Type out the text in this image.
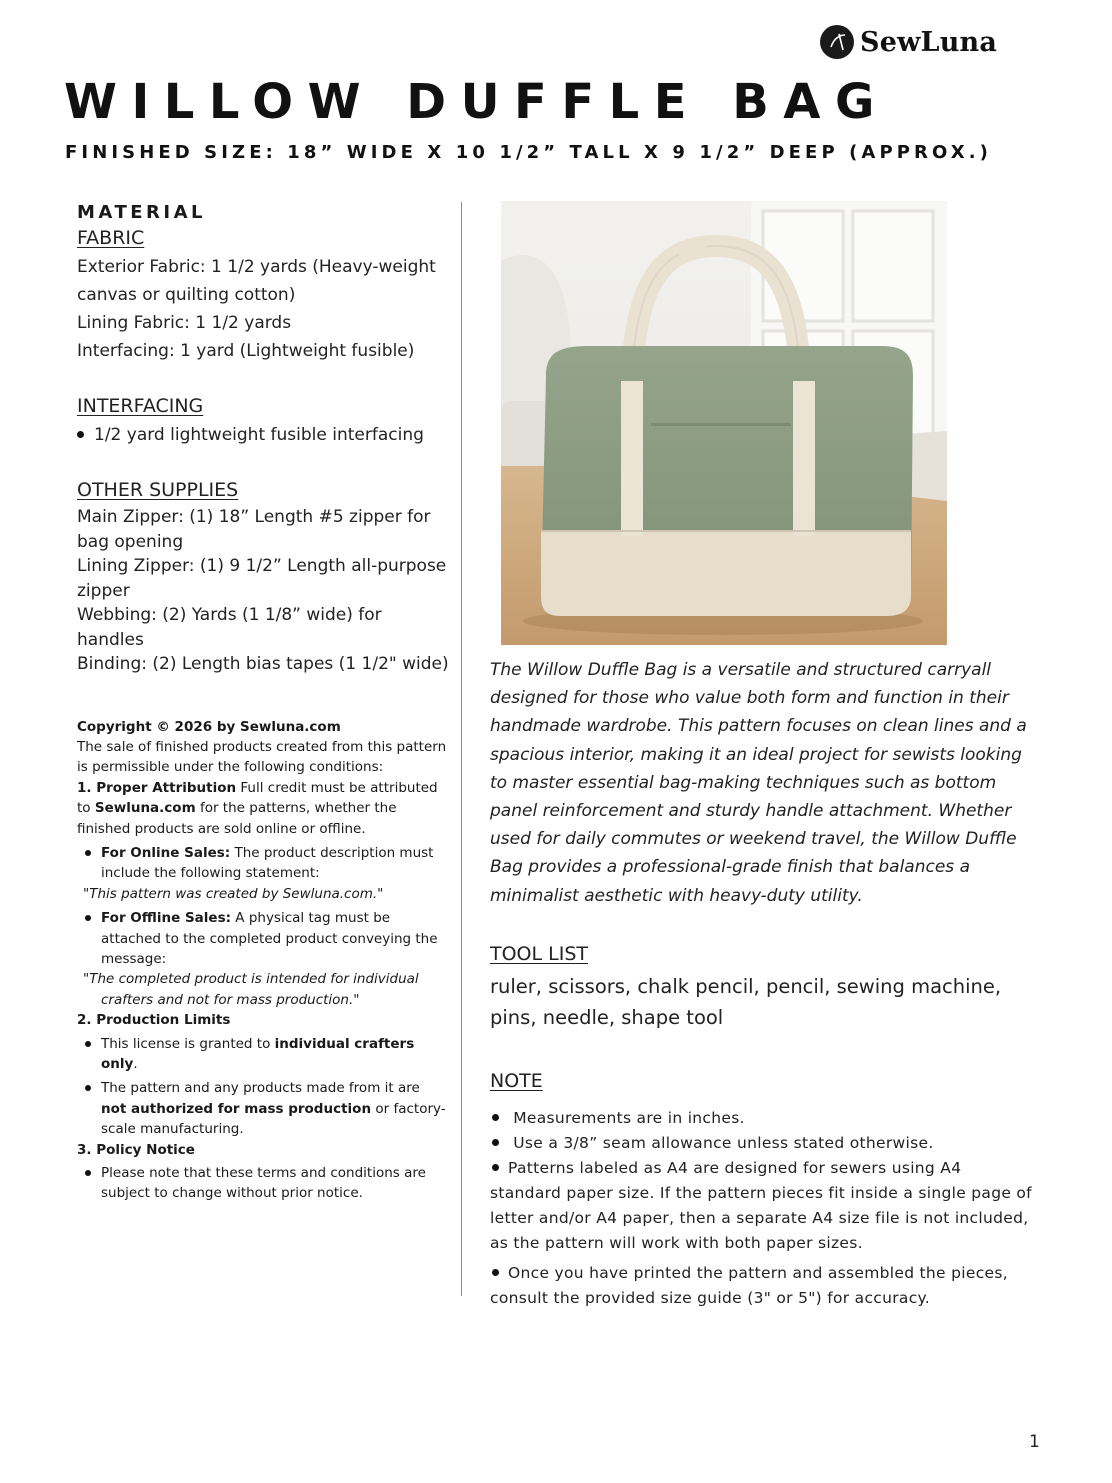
SewLuna
WILLOW DUFFLE BAG
FINISHED SIZE: 18” WIDE X 10 1/2” TALL X 9 1/2” DEEP (APPROX.)

MATERIAL

FABRIC

Exterior Fabric: 1 1/2 yards (Heavy-weight canvas or quilting cotton)

Lining Fabric: 1 1/2 yards

Interfacing: 1 yard (Lightweight fusible)

INTERFACING

1/2 yard lightweight fusible interfacing

OTHER SUPPLIES

Main Zipper: (1) 18” Length #5 zipper for bag opening

Lining Zipper: (1) 9 1/2” Length all-purpose zipper

Webbing: (2) Yards (1 1/8” wide) for handles

Binding: (2) Length bias tapes (1 1/2" wide)

Copyright © 2026 by Sewluna.com

The sale of finished products created from this pattern is permissible under the following conditions:

1. Proper Attribution Full credit must be attributed to Sewluna.com for the patterns, whether the finished products are sold online or offline.

For Online Sales: The product description must include the following statement:

"This pattern was created by Sewluna.com."

For Offline Sales: A physical tag must be attached to the completed product conveying the message:

"The completed product is intended for individual crafters and not for mass production."

2. Production Limits

This license is granted to individual crafters only.
The pattern and any products made from it are not authorized for mass production or factory-scale manufacturing.

3. Policy Notice

Please note that these terms and conditions are subject to change without prior notice.

The Willow Duffle Bag is a versatile and structured carryall designed for those who value both form and function in their handmade wardrobe. This pattern focuses on clean lines and a spacious interior, making it an ideal project for sewists looking to master essential bag-making techniques such as bottom panel reinforcement and sturdy handle attachment. Whether used for daily commutes or weekend travel, the Willow Duffle Bag provides a professional-grade finish that balances a minimalist aesthetic with heavy-duty utility.

TOOL LIST

ruler, scissors, chalk pencil, pencil, sewing machine, pins, needle, shape tool

NOTE

Measurements are in inches.

Use a 3/8” seam allowance unless stated otherwise.

Patterns labeled as A4 are designed for sewers using A4 standard paper size. If the pattern pieces fit inside a single page of letter and/or A4 paper, then a separate A4 size file is not included, as the pattern will work with both paper sizes.

Once you have printed the pattern and assembled the pieces, consult the provided size guide (3" or 5") for accuracy.

1
